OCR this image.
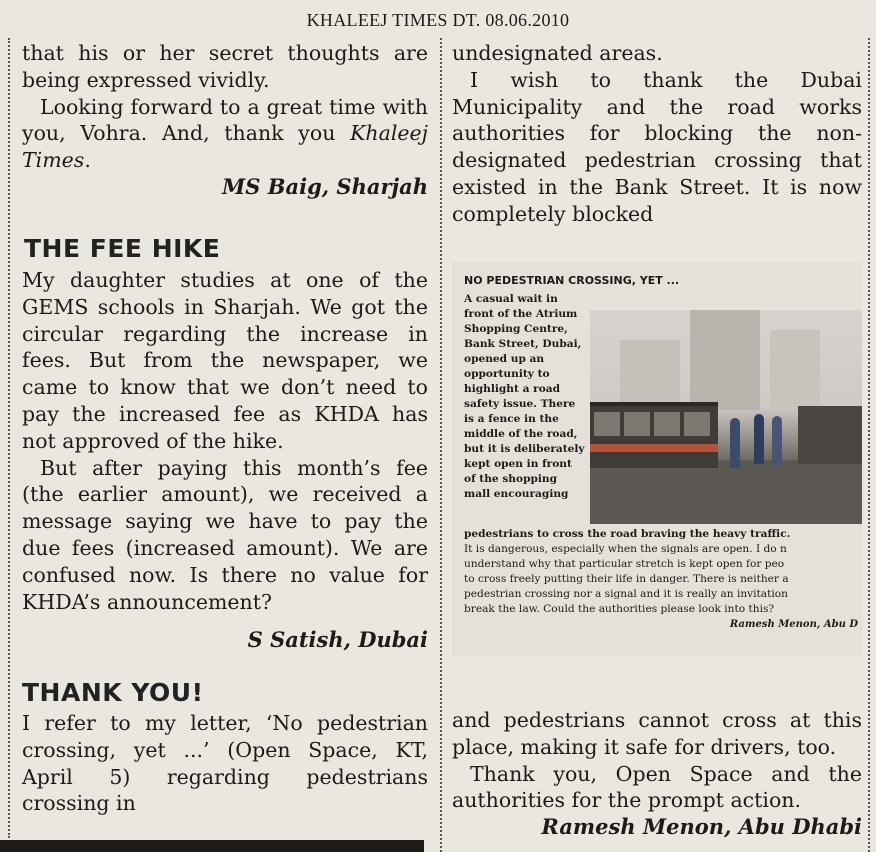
KHALEEJ TIMES DT. 08.06.2010

that his or her secret thoughts are being expressed vividly.

Looking forward to a great time with you, Vohra. And, thank you Khaleej Times.

MS Baig, Sharjah

THE FEE HIKE

My daughter studies at one of the GEMS schools in Sharjah. We got the circular regarding the increase in fees. But from the newspaper, we came to know that we don’t need to pay the increased fee as KHDA has not approved of the hike.

But after paying this month’s fee (the earlier amount), we received a message saying we have to pay the due fees (increased amount). We are confused now. Is there no value for KHDA’s announcement?

S Satish, Dubai

THANK YOU!

I refer to my letter, ‘No pedestrian crossing, yet ...’ (Open Space, KT, April 5) regarding pedestrians crossing in

undesignated areas.

I wish to thank the Dubai Municipality and the road works authorities for blocking the non-designated pedestrian crossing that existed in the Bank Street. It is now completely blocked

NO PEDESTRIAN CROSSING, YET ...
A casual wait in front of the Atrium Shopping Centre, Bank Street, Dubai, opened up an opportunity to highlight a road safety issue. There is a fence in the middle of the road, but it is deliberately kept open in front of the shopping mall encouraging
pedestrians to cross the road braving the heavy traffic.
It is dangerous, especially when the signals are open. I do n
understand why that particular stretch is kept open for peo
to cross freely putting their life in danger. There is neither a
pedestrian crossing nor a signal and it is really an invitation
break the law. Could the authorities please look into this?
Ramesh Menon, Abu D

and pedestrians cannot cross at this place, making it safe for drivers, too.

Thank you, Open Space and the authorities for the prompt action.

Ramesh Menon, Abu Dhabi
